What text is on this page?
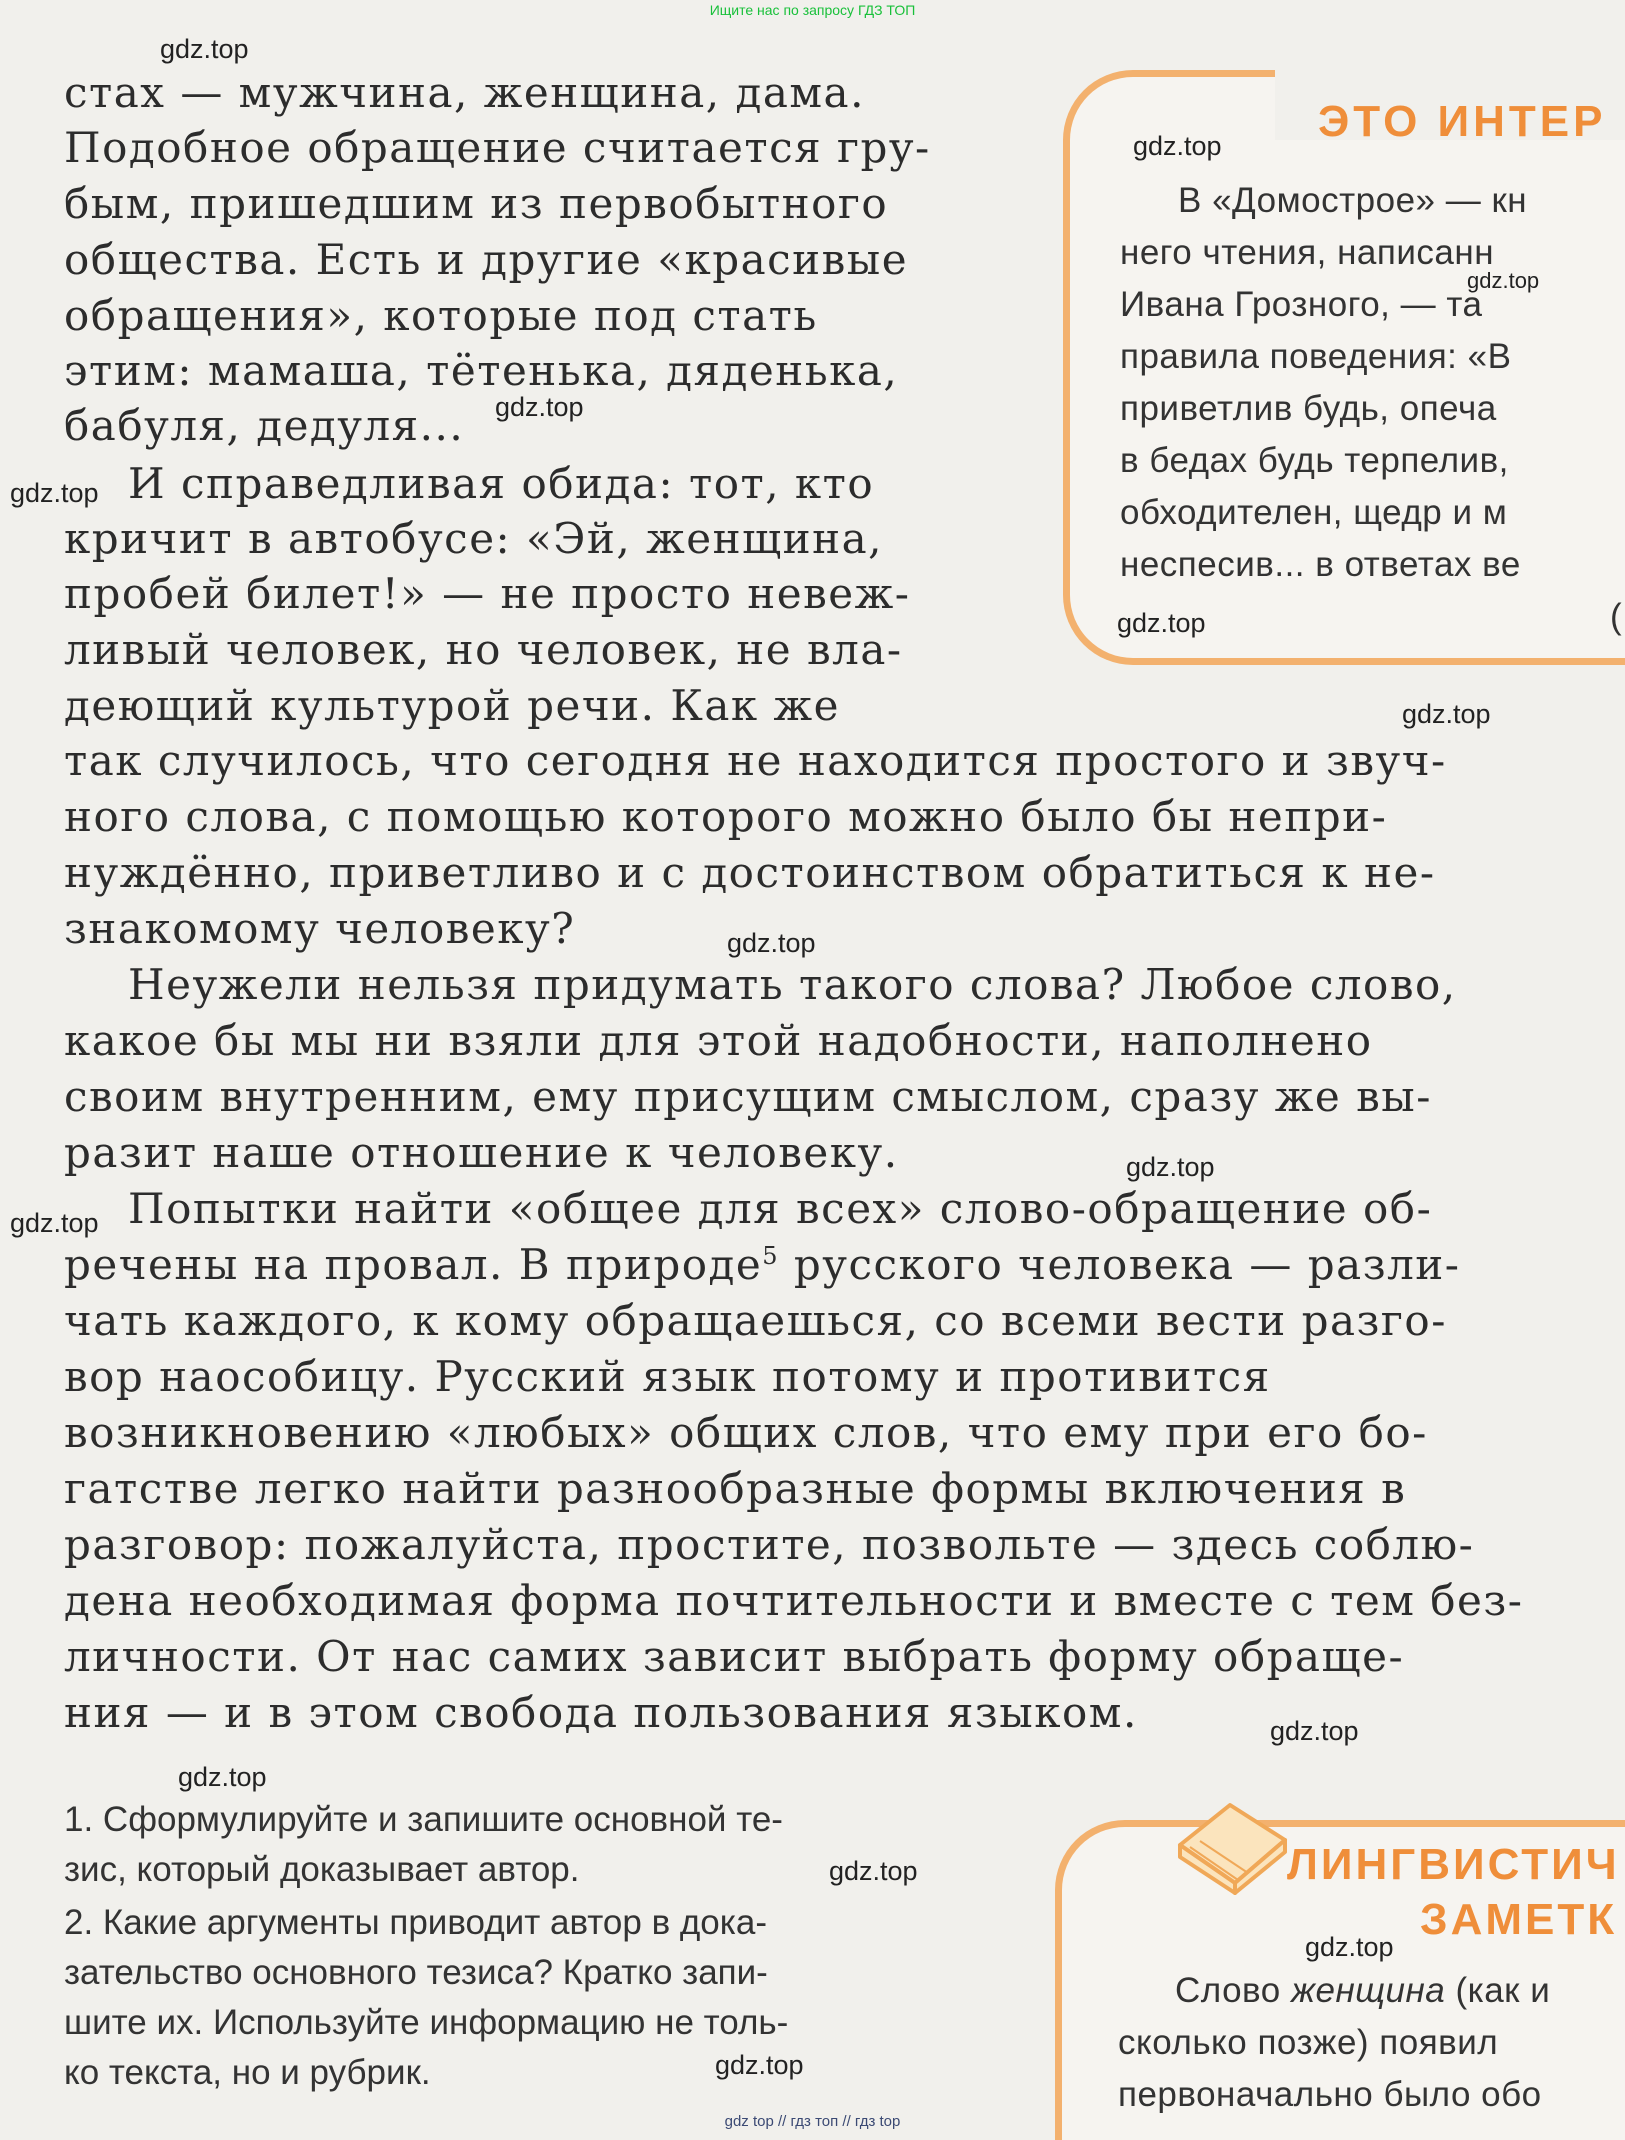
Ищите нас по запросу ГДЗ ТОП
стах — мужчина, женщина, дама.
Подобное обращение считается гру-
бым, пришедшим из первобытного
общества. Есть и другие «красивые
обращения», которые под стать
этим: мамаша, тётенька, дяденька,
бабуля, дедуля...
И справедливая обида: тот, кто
кричит в автобусе: «Эй, женщина,
пробей билет!» — не просто невеж-
ливый человек, но человек, не вла-
деющий культурой речи. Как же
так случилось, что сегодня не находится простого и звуч-
ного слова, с помощью которого можно было бы непри-
нуждённо, приветливо и с достоинством обратиться к не-
знакомому человеку?
Неужели нельзя придумать такого слова? Любое слово,
какое бы мы ни взяли для этой надобности, наполнено
своим внутренним, ему присущим смыслом, сразу же вы-
разит наше отношение к человеку.
Попытки найти «общее для всех» слово-обращение об-
речены на провал. В природе$^5$ русского человека — разли-
чать каждого, к кому обращаешься, со всеми вести разго-
вор наособицу. Русский язык потому и противится
возникновению «любых» общих слов, что ему при его бо-
гатстве легко найти разнообразные формы включения в
разговор: пожалуйста, простите, позвольте — здесь соблю-
дена необходимая форма почтительности и вместе с тем без-
личности. От нас самих зависит выбрать форму обраще-
ния — и в этом свобода пользования языком.
ЭТО ИНТЕР
В «Домострое» — кн
него чтения, написанн
Ивана Грозного, — та
правила поведения: «В
приветлив будь, опеча
в бедах будь терпелив,
обходителен, щедр и м
неспесив... в ответах ве
(
1. Сформулируйте и запишите основной те-
зис, который доказывает автор.
2. Какие аргументы приводит автор в дока-
зательство основного тезиса? Кратко запи-
шите их. Используйте информацию не толь-
ко текста, но и рубрик.
ЛИНГВИСТИЧ
ЗАМЕТК
Слово женщина (как и
сколько позже) появил
первоначально было обо
gdz.top
gdz.top
gdz.top
gdz.top
gdz.top
gdz.top
gdz.top
gdz.top
gdz.top
gdz.top
gdz.top
gdz.top
gdz.top
gdz.top
gdz.top
gdz top // гдз топ // гдз top
